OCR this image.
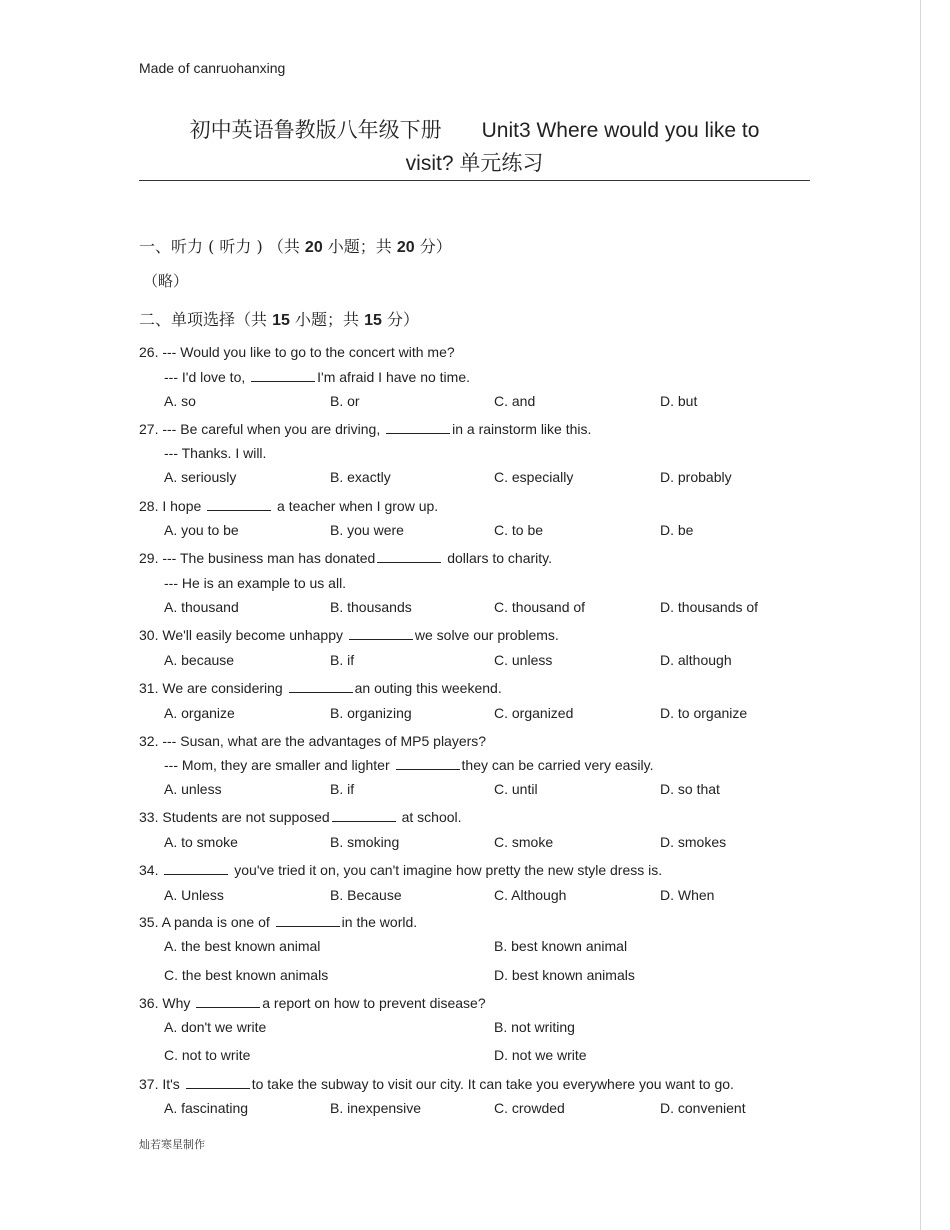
Made of canruohanxing
初中英语鲁教版八年级下册 Unit3 Where would you like to
visit? 单元练习
一、听力 ( 听力 ) （共 20 小题；共 20 分）
（略）
二、单项选择（共 15 小题；共 15 分）
26. --- Would you like to go to the concert with me?
--- I'd love to,	I'm afraid I have no time.
A. so	B. or	C. and	D. but
27. --- Be careful when you are driving,	in a rainstorm like this.
--- Thanks. I will.
A. seriously	B. exactly	C. especially	D. probably
28. I hope	a teacher when I grow up.
A. you to be	B. you were	C. to be	D. be
29. --- The business man has donated	dollars to charity.
--- He is an example to us all.
A. thousand	B. thousands	C. thousand of	D. thousands of
30. We'll easily become unhappy	we solve our problems.
A. because	B. if	C. unless	D. although
31. We are considering	an outing this weekend.
A. organize	B. organizing	C. organized	D. to organize
32. --- Susan, what are the advantages of MP5 players?
--- Mom, they are smaller and lighter	they can be carried very easily.
A. unless	B. if	C. until	D. so that
33. Students are not supposed	at school.
A. to smoke	B. smoking	C. smoke	D. smokes
34.	you've tried it on, you can't imagine how pretty the new style dress is.
A. Unless	B. Because	C. Although	D. When
35. A panda is one of	in the world.
A. the best known animal	B. best known animal
C. the best known animals	D. best known animals
36. Why	a report on how to prevent disease?
A. don't we write	B. not writing
C. not to write	D. not we write
37. It's	to take the subway to visit our city. It can take you everywhere you want to go.
A. fascinating	B. inexpensive	C. crowded	D. convenient
灿若寒星制作
